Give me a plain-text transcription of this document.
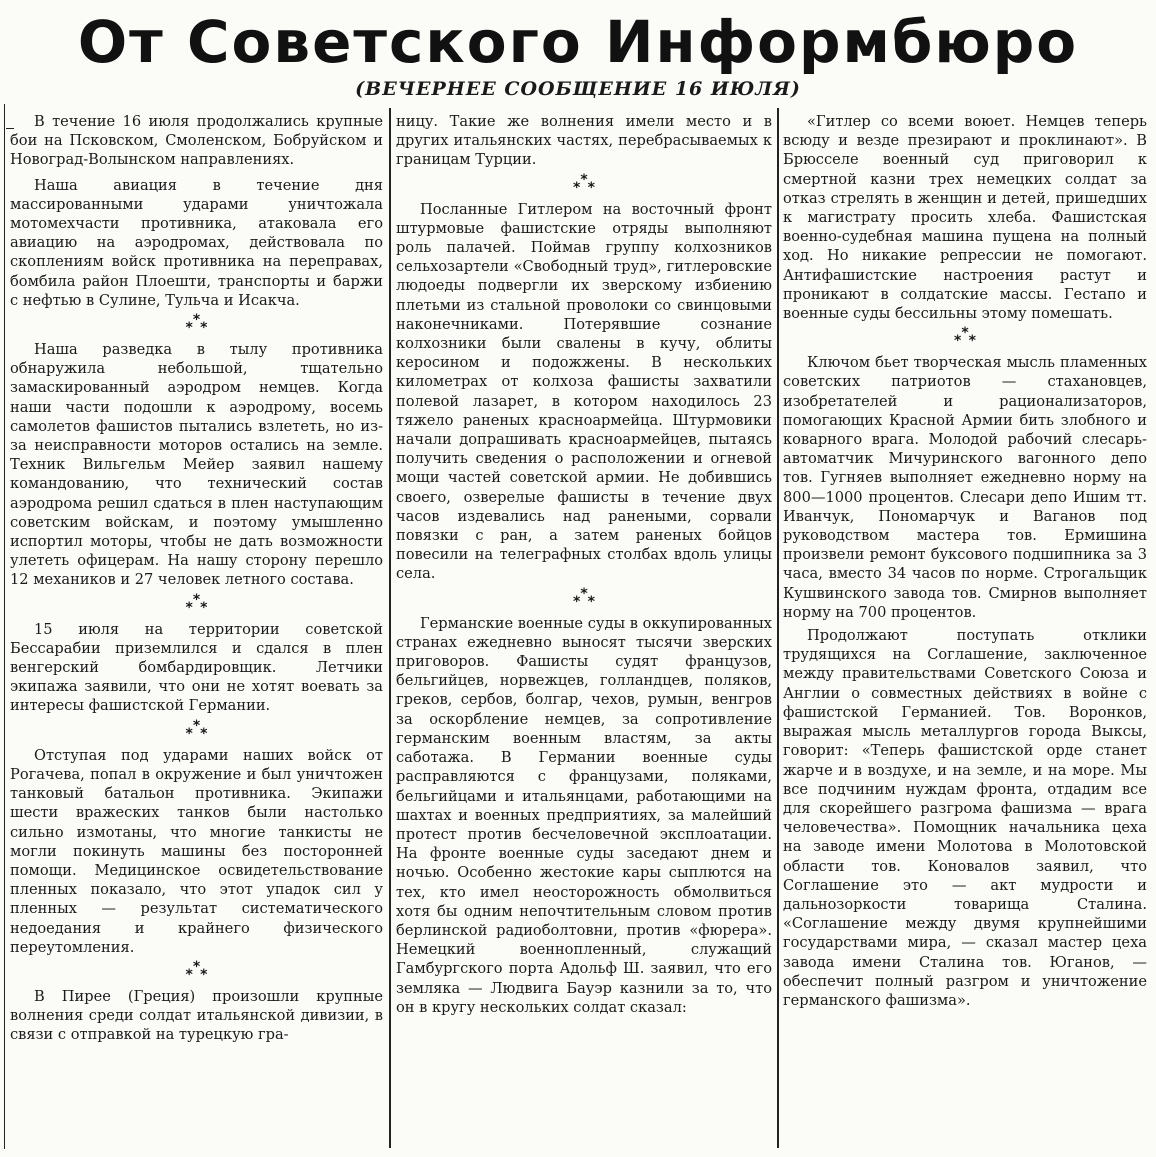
От Советского Информбюро
(ВЕЧЕРНЕЕ СООБЩЕНИЕ 16 ИЮЛЯ)

В течение 16 июля продолжались крупные бои на Псковском, Смоленском, Бобруйском и Новоград-Волынском направлениях.

Наша авиация в течение дня массированными ударами уничтожала мотомехчасти противника, атаковала его авиацию на аэродромах, действовала по скоплениям войск противника на переправах, бомбила район Плоешти, транспорты и баржи с нефтью в Сулине, Тульча и Исакча.

***

Наша разведка в тылу противника обнаружила небольшой, тщательно замаскированный аэродром немцев. Когда наши части подошли к аэродрому, восемь самолетов фашистов пытались взлететь, но из-за неисправности моторов остались на земле. Техник Вильгельм Мейер заявил нашему командованию, что технический состав аэродрома решил сдаться в плен наступающим советским войскам, и поэтому умышленно испортил моторы, чтобы не дать возможности улететь офицерам. На нашу сторону перешло 12 механиков и 27 человек летного состава.

***

15 июля на территории советской Бессарабии приземлился и сдался в плен венгерский бомбардировщик. Летчики экипажа заявили, что они не хотят воевать за интересы фашистской Германии.

***

Отступая под ударами наших войск от Рогачева, попал в окружение и был уничтожен танковый батальон противника. Экипажи шести вражеских танков были настолько сильно измотаны, что многие танкисты не могли покинуть машины без посторонней помощи. Медицинское освидетельствование пленных показало, что этот упадок сил у пленных — результат систематического недоедания и крайнего физического переутомления.

***

В Пирее (Греция) произошли крупные волнения среди солдат итальянской дивизии, в связи с отправкой на турецкую гра-

ницу. Такие же волнения имели место и в других итальянских частях, перебрасываемых к границам Турции.

***

Посланные Гитлером на восточный фронт штурмовые фашистские отряды выполняют роль палачей. Поймав группу колхозников сельхозартели «Свободный труд», гитлеровские людоеды подвергли их зверскому избиению плетьми из стальной проволоки со свинцовыми наконечниками. Потерявшие сознание колхозники были свалены в кучу, облиты керосином и подожжены. В нескольких километрах от колхоза фашисты захватили полевой лазарет, в котором находилось 23 тяжело раненых красноармейца. Штурмовики начали допрашивать красноармейцев, пытаясь получить сведения о расположении и огневой мощи частей советской армии. Не добившись своего, озверелые фашисты в течение двух часов издевались над ранеными, сорвали повязки с ран, а затем раненых бойцов повесили на телеграфных столбах вдоль улицы села.

***

Германские военные суды в оккупированных странах ежедневно выносят тысячи зверских приговоров. Фашисты судят французов, бельгийцев, норвежцев, голландцев, поляков, греков, сербов, болгар, чехов, румын, венгров за оскорбление немцев, за сопротивление германским военным властям, за акты саботажа. В Германии военные суды расправляются с французами, поляками, бельгийцами и итальянцами, работающими на шахтах и военных предприятиях, за малейший протест против бесчеловечной эксплоатации. На фронте военные суды заседают днем и ночью. Особенно жестокие кары сыплются на тех, кто имел неосторожность обмолвиться хотя бы одним непочтительным словом против берлинской радиоболтовни, против «фюрера». Немецкий военнопленный, служащий Гамбургского порта Адольф Ш. заявил, что его земляка — Людвига Бауэр казнили за то, что он в кругу нескольких солдат сказал:

«Гитлер со всеми воюет. Немцев теперь всюду и везде презирают и проклинают». В Брюсселе военный суд приговорил к смертной казни трех немецких солдат за отказ стрелять в женщин и детей, пришедших к магистрату просить хлеба. Фашистская военно-судебная машина пущена на полный ход. Но никакие репрессии не помогают. Антифашистские настроения растут и проникают в солдатские массы. Гестапо и военные суды бессильны этому помешать.

***

Ключом бьет творческая мысль пламенных советских патриотов — стахановцев, изобретателей и рационализаторов, помогающих Красной Армии бить злобного и коварного врага. Молодой рабочий слесарь-автоматчик Мичуринского вагонного депо тов. Гугняев выполняет ежедневно норму на 800—1000 процентов. Слесари депо Ишим тт. Иванчук, Пономарчук и Ваганов под руководством мастера тов. Ермишина произвели ремонт буксового подшипника за 3 часа, вместо 34 часов по норме. Строгальщик Кушвинского завода тов. Смирнов выполняет норму на 700 процентов.

Продолжают поступать отклики трудящихся на Соглашение, заключенное между правительствами Советского Союза и Англии о совместных действиях в войне с фашистской Германией. Тов. Воронков, выражая мысль металлургов города Выксы, говорит: «Теперь фашистской орде станет жарче и в воздухе, и на земле, и на море. Мы все подчиним нуждам фронта, отдадим все для скорейшего разгрома фашизма — врага человечества». Помощник начальника цеха на заводе имени Молотова в Молотовской области тов. Коновалов заявил, что Соглашение это — акт мудрости и дальнозоркости товарища Сталина. «Соглашение между двумя крупнейшими государствами мира, — сказал мастер цеха завода имени Сталина тов. Юганов, — обеспечит полный разгром и уничтожение германского фашизма».
